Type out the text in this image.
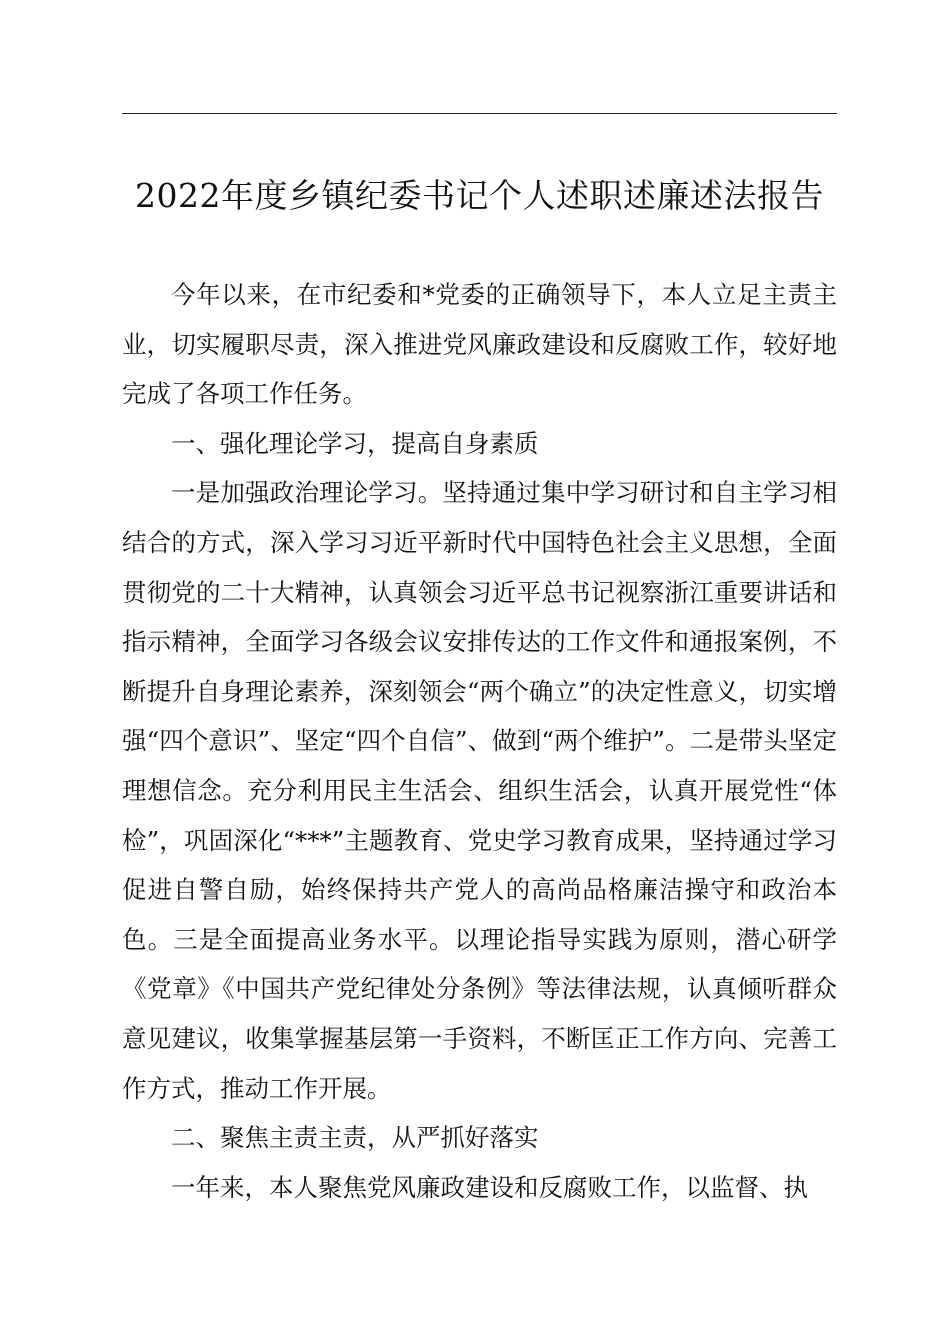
2022年度乡镇纪委书记个人述职述廉述法报告

今年以来，在市纪委和*党委的正确领导下，本人立足主责主业，切实履职尽责，深入推进党风廉政建设和反腐败工作，较好地完成了各项工作任务。

一、强化理论学习，提高自身素质

一是加强政治理论学习。坚持通过集中学习研讨和自主学习相结合的方式，深入学习习近平新时代中国特色社会主义思想，全面贯彻党的二十大精神，认真领会习近平总书记视察浙江重要讲话和指示精神，全面学习各级会议安排传达的工作文件和通报案例，不断提升自身理论素养，深刻领会“两个确立”的决定性意义，切实增强“四个意识”、坚定“四个自信”、做到“两个维护”。二是带头坚定理想信念。充分利用民主生活会、组织生活会，认真开展党性“体检”，巩固深化“***”主题教育、党史学习教育成果，坚持通过学习促进自警自励，始终保持共产党人的高尚品格廉洁操守和政治本色。三是全面提高业务水平。以理论指导实践为原则，潜心研学《党章》《中国共产党纪律处分条例》等法律法规，认真倾听群众意见建议，收集掌握基层第一手资料，不断匡正工作方向、完善工作方式，推动工作开展。

二、聚焦主责主责，从严抓好落实

一年来，本人聚焦党风廉政建设和反腐败工作，以监督、执
